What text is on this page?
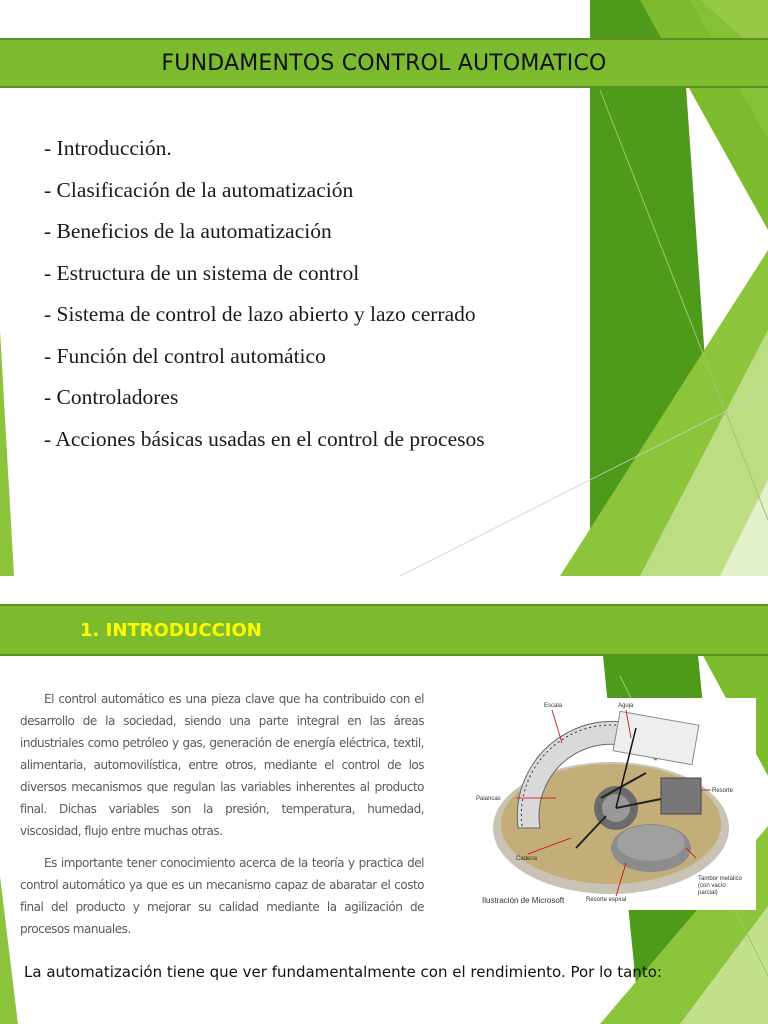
FUNDAMENTOS CONTROL AUTOMATICO
- Introducción.
- Clasificación de la automatización
- Beneficios de la automatización
- Estructura de un sistema de control
- Sistema de control de lazo abierto y lazo cerrado
- Función del control automático
- Controladores
- Acciones básicas usadas en el control de procesos
1. INTRODUCCION

El control automático es una pieza clave que ha contribuido con el desarrollo de la sociedad, siendo una parte integral en las áreas industriales como petróleo y gas, generación de energía eléctrica, textil, alimentaria, automovilística, entre otros, mediante el control de los diversos mecanismos que regulan las variables inherentes al producto final. Dichas variables son la presión, temperatura, humedad, viscosidad, flujo entre muchas otras.

Es importante tener conocimiento acerca de la teoría y practica del control automático ya que es un mecanismo capaz de abaratar el costo final del producto y mejorar su calidad mediante la agilización de procesos manuales.

Escala	Aguja
Resorte
Palancas
Cadena
Tambor metálico
(con vacío
parcial)
Resorte espiral
Ilustración de Microsoft

La automatización tiene que ver fundamentalmente con el rendimiento. Por lo tanto:
